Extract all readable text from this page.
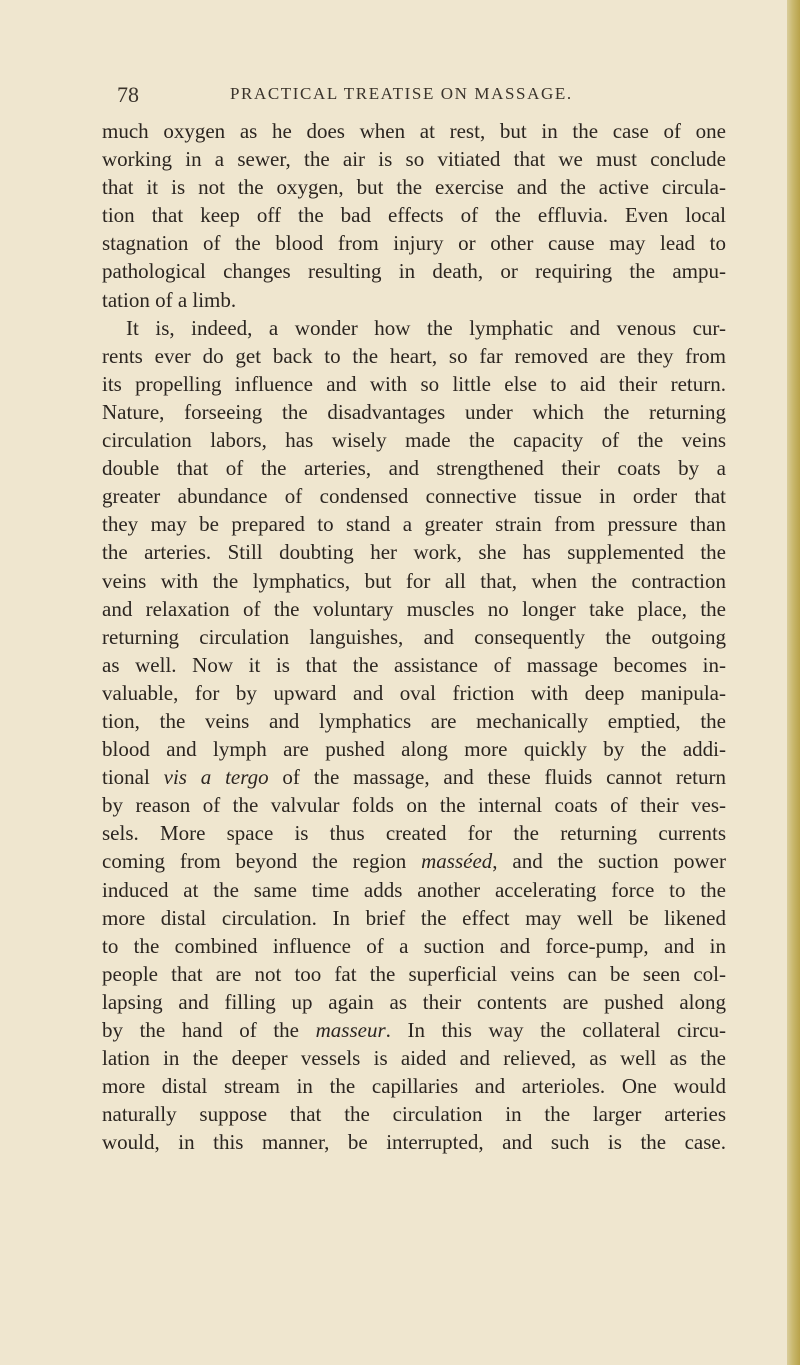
78	PRACTICAL TREATISE ON MASSAGE.
much oxygen as he does when at rest, but in the case of one
working in a sewer, the air is so vitiated that we must conclude
that it is not the oxygen, but the exercise and the active circula-
tion that keep off the bad effects of the effluvia. Even local
stagnation of the blood from injury or other cause may lead to
pathological changes resulting in death, or requiring the ampu-
tation of a limb.
It is, indeed, a wonder how the lymphatic and venous cur-
rents ever do get back to the heart, so far removed are they from
its propelling influence and with so little else to aid their return.
Nature, forseeing the disadvantages under which the returning
circulation labors, has wisely made the capacity of the veins
double that of the arteries, and strengthened their coats by a
greater abundance of condensed connective tissue in order that
they may be prepared to stand a greater strain from pressure than
the arteries. Still doubting her work, she has supplemented the
veins with the lymphatics, but for all that, when the contraction
and relaxation of the voluntary muscles no longer take place, the
returning circulation languishes, and consequently the outgoing
as well. Now it is that the assistance of massage becomes in-
valuable, for by upward and oval friction with deep manipula-
tion, the veins and lymphatics are mechanically emptied, the
blood and lymph are pushed along more quickly by the addi-
tional vis a tergo of the massage, and these fluids cannot return
by reason of the valvular folds on the internal coats of their ves-
sels. More space is thus created for the returning currents
coming from beyond the region masséed, and the suction power
induced at the same time adds another accelerating force to the
more distal circulation. In brief the effect may well be likened
to the combined influence of a suction and force-pump, and in
people that are not too fat the superficial veins can be seen col-
lapsing and filling up again as their contents are pushed along
by the hand of the masseur. In this way the collateral circu-
lation in the deeper vessels is aided and relieved, as well as the
more distal stream in the capillaries and arterioles. One would
naturally suppose that the circulation in the larger arteries
would, in this manner, be interrupted, and such is the case.
